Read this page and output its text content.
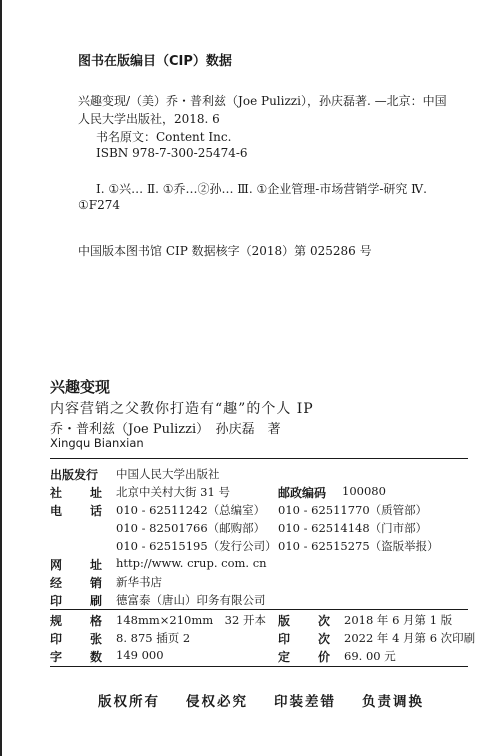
图书在版编目（CIP）数据
兴趣变现/（美）乔・普利兹（Joe Pulizzi），孙庆磊著. —北京：中国
人民大学出版社，2018. 6
书名原文：Content Inc.
ISBN 978-7-300-25474-6
Ⅰ. ①兴… Ⅱ. ①乔…②孙… Ⅲ. ①企业管理-市场营销学-研究 Ⅳ.
①F274
中国版本图书馆 CIP 数据核字（2018）第 025286 号
兴趣变现
内容营销之父教你打造有“趣”的个人 IP
乔・普利兹（Joe Pulizzi）　孙庆磊　著
Xingqu Bianxian
出版发行 中国人民大学出版社
社 址 北京中关村大街 31 号	邮政编码 100080
电 话 010 - 62511242（总编室） 010 - 62511770（质管部）
010 - 82501766（邮购部） 010 - 62514148（门市部）
010 - 62515195（发行公司） 010 - 62515275（盗版举报）
网 址 http://www. crup. com. cn
经 销 新华书店
印 刷 德富泰（唐山）印务有限公司
规 格 148mm×210mm　32 开本 版 次 2018 年 6 月第 1 版
印 张 8. 875 插页 2	印 次 2022 年 4 月第 6 次印刷
字 数 149 000	定 价 69. 00 元
版权所有 侵权必究 印装差错 负责调换
